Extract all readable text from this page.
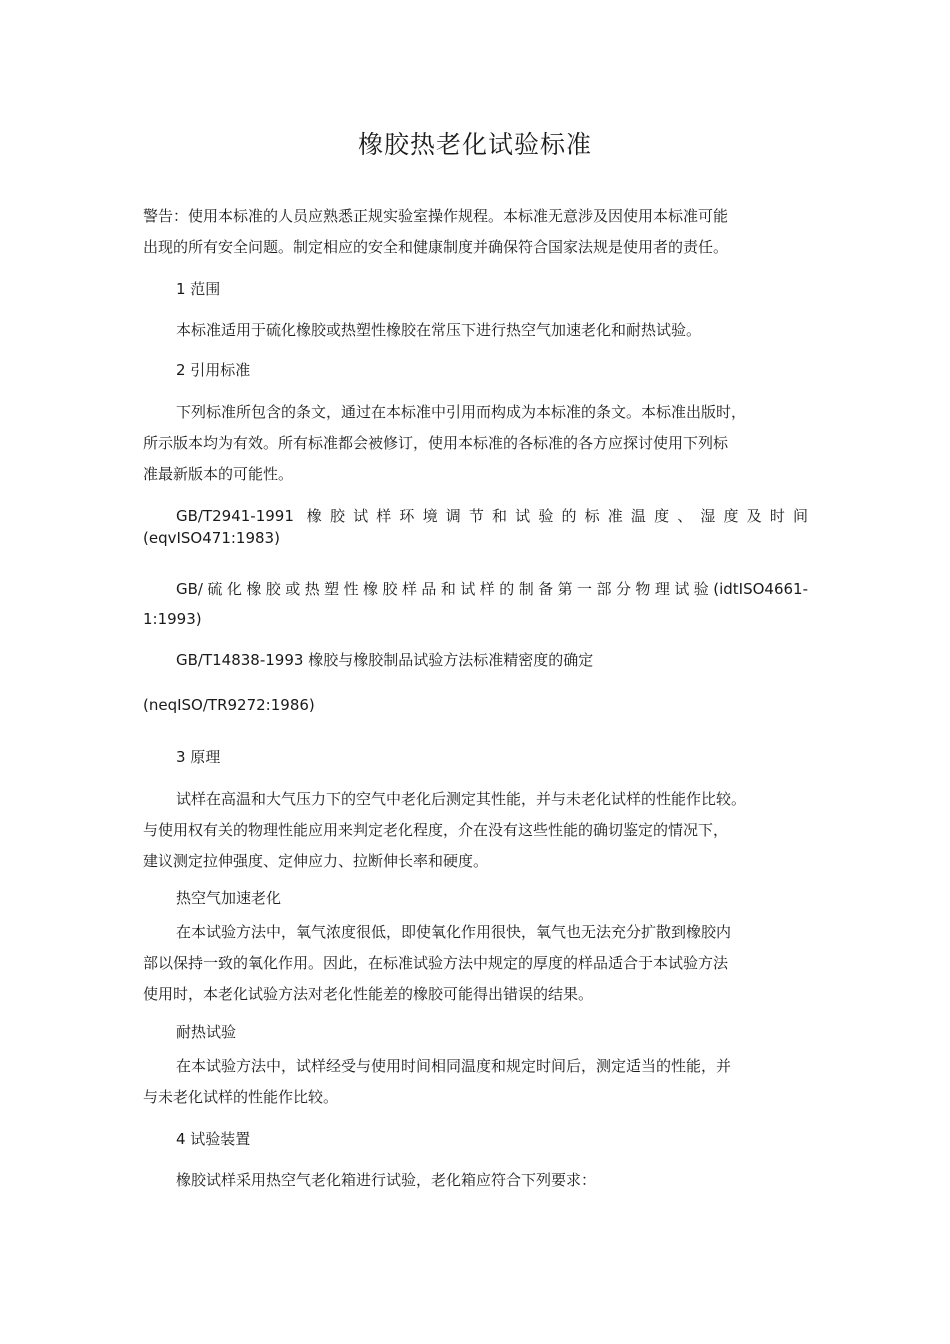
橡胶热老化试验标准
警告：使用本标准的人员应熟悉正规实验室操作规程。本标准无意涉及因使用本标准可能
出现的所有安全问题。制定相应的安全和健康制度并确保符合国家法规是使用者的责任。
1 范围
本标准适用于硫化橡胶或热塑性橡胶在常压下进行热空气加速老化和耐热试验。
2 引用标准
下列标准所包含的条文，通过在本标准中引用而构成为本标准的条文。本标准出版时，
所示版本均为有效。所有标准都会被修订，使用本标准的各标准的各方应探讨使用下列标
准最新版本的可能性。
GB/T2941-1991 橡胶试样环境调节和试验的标准温度、湿度及时间
(eqvISO471:1983)
GB/硫化橡胶或热塑性橡胶样品和试样的制备第一部分物理试验(idtISO4661-
1:1993)
GB/T14838-1993 橡胶与橡胶制品试验方法标准精密度的确定
(neqISO/TR9272:1986)
3 原理
试样在高温和大气压力下的空气中老化后测定其性能，并与未老化试样的性能作比较。
与使用权有关的物理性能应用来判定老化程度，介在没有这些性能的确切鉴定的情况下，
建议测定拉伸强度、定伸应力、拉断伸长率和硬度。
热空气加速老化
在本试验方法中，氧气浓度很低，即使氧化作用很快，氧气也无法充分扩散到橡胶内
部以保持一致的氧化作用。因此，在标准试验方法中规定的厚度的样品适合于本试验方法
使用时，本老化试验方法对老化性能差的橡胶可能得出错误的结果。
耐热试验
在本试验方法中，试样经受与使用时间相同温度和规定时间后，测定适当的性能，并
与未老化试样的性能作比较。
4 试验装置
橡胶试样采用热空气老化箱进行试验，老化箱应符合下列要求：
